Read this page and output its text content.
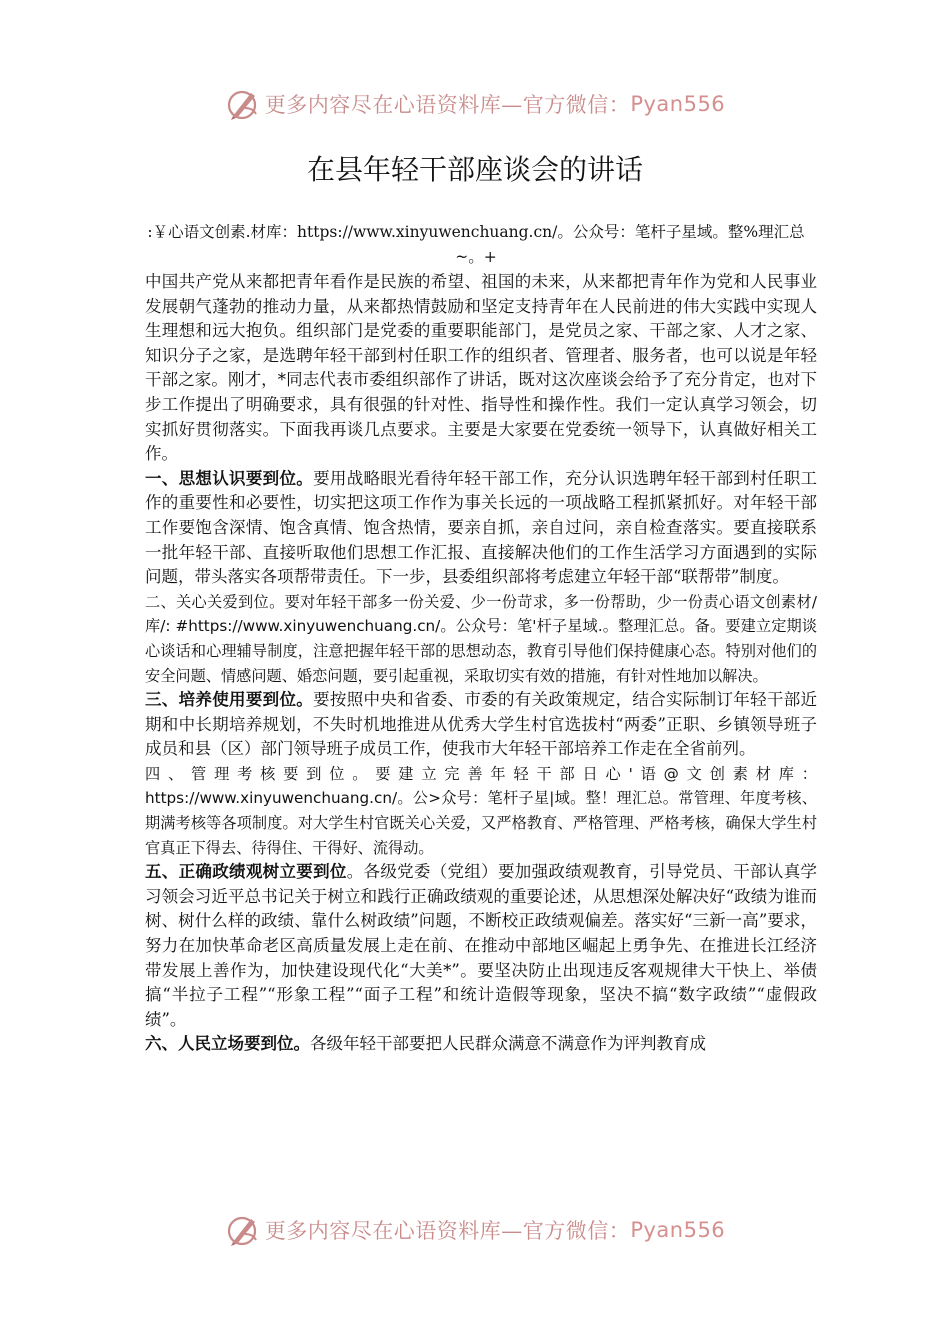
更多内容尽在心语资料库—官方微信： Pyan556
在县年轻干部座谈会的讲话

:￥心语文创素.材库：https://www.xinyuwenchuang.cn/。公众号：笔杆子星域。整%理汇总~。+

中国共产党从来都把青年看作是民族的希望、祖国的未来，从来都把青年作为党和人民事业发展朝气蓬勃的推动力量，从来都热情鼓励和坚定支持青年在人民前进的伟大实践中实现人生理想和远大抱负。组织部门是党委的重要职能部门，是党员之家、干部之家、人才之家、知识分子之家，是选聘年轻干部到村任职工作的组织者、管理者、服务者，也可以说是年轻干部之家。刚才，*同志代表市委组织部作了讲话，既对这次座谈会给予了充分肯定，也对下步工作提出了明确要求，具有很强的针对性、指导性和操作性。我们一定认真学习领会，切实抓好贯彻落实。下面我再谈几点要求。主要是大家要在党委统一领导下，认真做好相关工作。

一、思想认识要到位。要用战略眼光看待年轻干部工作，充分认识选聘年轻干部到村任职工作的重要性和必要性，切实把这项工作作为事关长远的一项战略工程抓紧抓好。对年轻干部工作要饱含深情、饱含真情、饱含热情，要亲自抓，亲自过问，亲自检查落实。要直接联系一批年轻干部、直接听取他们思想工作汇报、直接解决他们的工作生活学习方面遇到的实际问题，带头落实各项帮带责任。下一步，县委组织部将考虑建立年轻干部“联帮带”制度。

二、关心关爱到位。要对年轻干部多一份关爱、少一份苛求，多一份帮助，少一份责心语文创素材/库/: #https://www.xinyuwenchuang.cn/。公众号：笔'杆子星域.。整理汇总。备。要建立定期谈心谈话和心理辅导制度，注意把握年轻干部的思想动态，教育引导他们保持健康心态。特别对他们的安全问题、情感问题、婚恋问题，要引起重视，采取切实有效的措施，有针对性地加以解决。

三、培养使用要到位。要按照中央和省委、市委的有关政策规定，结合实际制订年轻干部近期和中长期培养规划，不失时机地推进从优秀大学生村官选拔村“两委”正职、乡镇领导班子成员和县（区）部门领导班子成员工作，使我市大年轻干部培养工作走在全省前列。

四、管理考核要到位。要建立完善年轻干部日心'语@文创素材库： https://www.xinyuwenchuang.cn/。公>众号：笔杆子星|域。整！理汇总。常管理、年度考核、期满考核等各项制度。对大学生村官既关心关爱，又严格教育、严格管理、严格考核，确保大学生村官真正下得去、待得住、干得好、流得动。

五、正确政绩观树立要到位。各级党委（党组）要加强政绩观教育，引导党员、干部认真学习领会习近平总书记关于树立和践行正确政绩观的重要论述，从思想深处解决好“政绩为谁而树、树什么样的政绩、靠什么树政绩”问题，不断校正政绩观偏差。落实好“三新一高”要求，努力在加快革命老区高质量发展上走在前、在推动中部地区崛起上勇争先、在推进长江经济带发展上善作为，加快建设现代化“大美*”。要坚决防止出现违反客观规律大干快上、举债搞“半拉子工程”“形象工程”“面子工程”和统计造假等现象，坚决不搞“数字政绩”“虚假政绩”。

六、人民立场要到位。各级年轻干部要把人民群众满意不满意作为评判教育成

更多内容尽在心语资料库—官方微信： Pyan556
